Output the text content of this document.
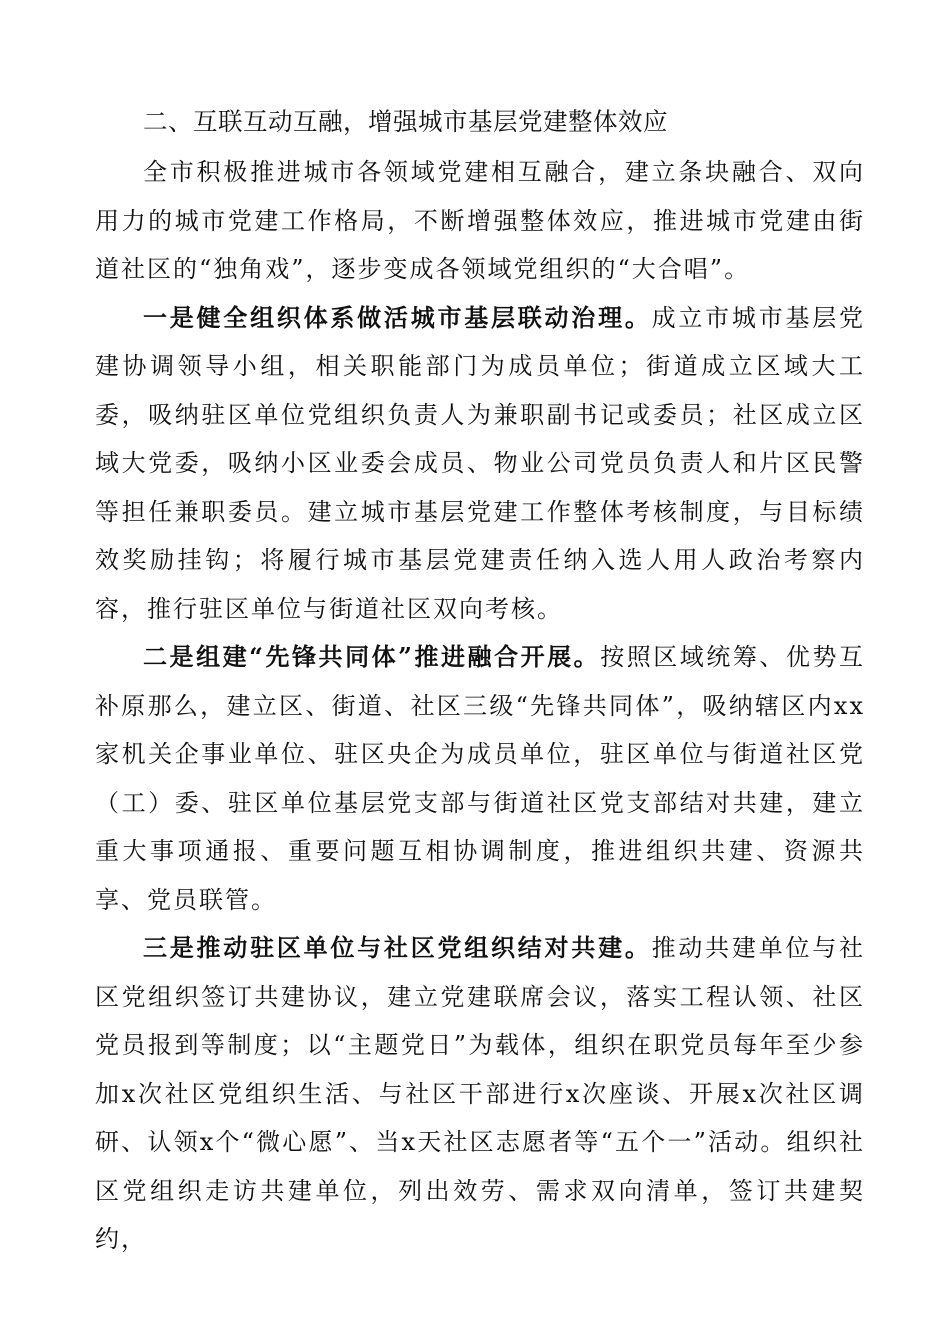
二、互联互动互融，增强城市基层党建整体效应

全市积极推进城市各领域党建相互融合，建立条块融合、双向用力的城市党建工作格局，不断增强整体效应，推进城市党建由街道社区的“独角戏”，逐步变成各领域党组织的“大合唱”。

一是健全组织体系做活城市基层联动治理。成立市城市基层党建协调领导小组，相关职能部门为成员单位；街道成立区域大工委，吸纳驻区单位党组织负责人为兼职副书记或委员；社区成立区域大党委，吸纳小区业委会成员、物业公司党员负责人和片区民警等担任兼职委员。建立城市基层党建工作整体考核制度，与目标绩效奖励挂钩；将履行城市基层党建责任纳入选人用人政治考察内容，推行驻区单位与街道社区双向考核。

二是组建“先锋共同体”推进融合开展。按照区域统筹、优势互补原那么，建立区、街道、社区三级“先锋共同体”，吸纳辖区内xx家机关企事业单位、驻区央企为成员单位，驻区单位与街道社区党（工）委、驻区单位基层党支部与街道社区党支部结对共建，建立重大事项通报、重要问题互相协调制度，推进组织共建、资源共享、党员联管。

三是推动驻区单位与社区党组织结对共建。推动共建单位与社区党组织签订共建协议，建立党建联席会议，落实工程认领、社区党员报到等制度；以“主题党日”为载体，组织在职党员每年至少参加x次社区党组织生活、与社区干部进行x次座谈、开展x次社区调研、认领x个“微心愿”、当x天社区志愿者等“五个一”活动。组织社区党组织走访共建单位，列出效劳、需求双向清单，签订共建契约，
